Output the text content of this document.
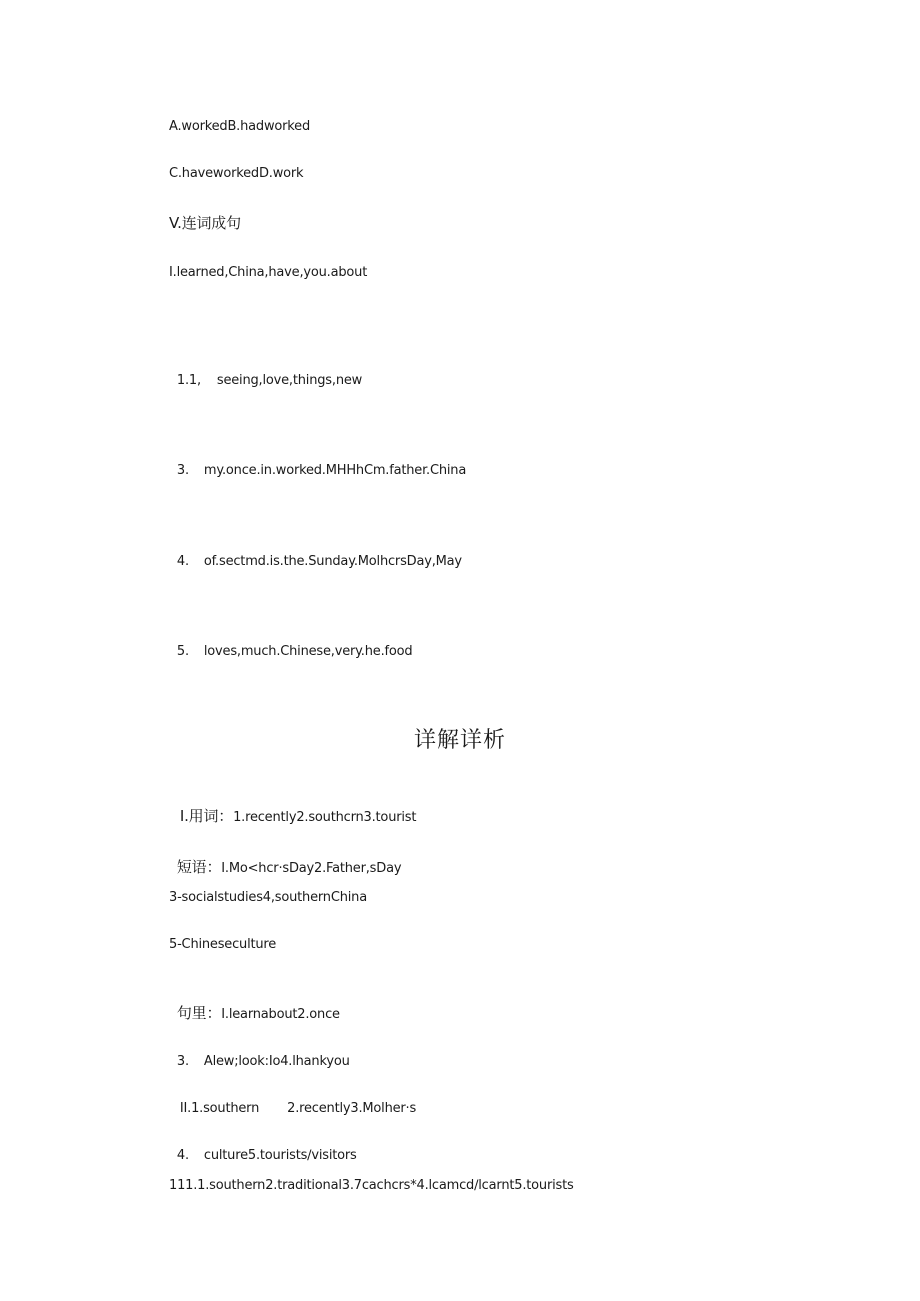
A.workedB.hadworked
C.haveworkedD.work
V.连词成句
I.learned,China,have,you.about

1.1, seeing,love,things,new

3. my.once.in.worked.MHHhCm.father.China

4. of.sectmd.is.the.Sunday.MolhcrsDay,May

5. loves,much.Chinese,very.he.food

详解详析

I.用词：1.recently2.southcrn3.tourist

短语：I.Mo<hcr·sDay2.Father,sDay

3-socialstudies4,southernChina
5-Chineseculture

句里：I.learnabout2.once

3. Alew;look:Io4.lhankyou

II.1.southern 2.recently3.Molher·s

4. culture5.tourists∕visitors

111.1.southern2.traditional3.7cachcrs*4.lcamcd∕lcarnt5.tourists
